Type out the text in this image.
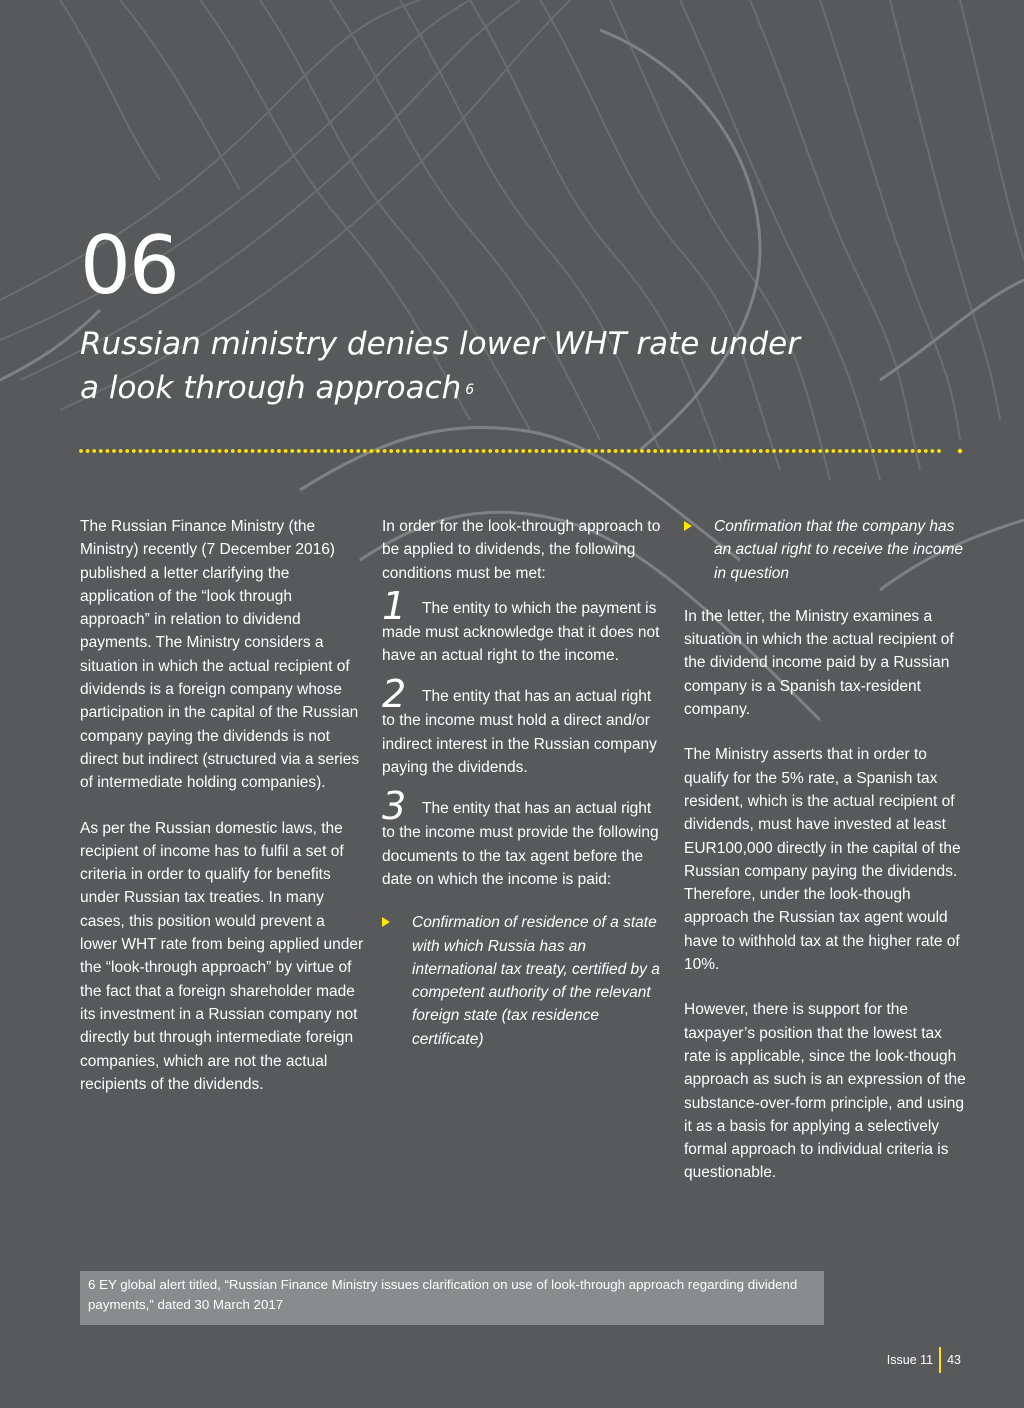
06
Russian ministry denies lower WHT rate under
a look through approach $^6$

The Russian Finance Ministry (the Ministry) recently (7 December 2016) published a letter clarifying the application of the “look through approach” in relation to dividend payments. The Ministry considers a situation in which the actual recipient of dividends is a foreign company whose participation in the capital of the Russian company paying the dividends is not direct but indirect (structured via a series of intermediate holding companies).

As per the Russian domestic laws, the recipient of income has to fulfil a set of criteria in order to qualify for benefits under Russian tax treaties. In many cases, this position would prevent a lower WHT rate from being applied under the “look-through approach” by virtue of the fact that a foreign shareholder made its investment in a Russian company not directly but through intermediate foreign companies, which are not the actual recipients of the dividends.

In order for the look-through approach to be applied to dividends, the following conditions must be met:

1 The entity to which the payment is made must acknowledge that it does not have an actual right to the income.
2 The entity that has an actual right to the income must hold a direct and/or indirect interest in the Russian company paying the dividends.
3 The entity that has an actual right to the income must provide the following documents to the tax agent before the date on which the income is paid:
Confirmation of residence of a state with which Russia has an international tax treaty, certified by a competent authority of the relevant foreign state (tax residence certificate)
Confirmation that the company has an actual right to receive the income in question

In the letter, the Ministry examines a situation in which the actual recipient of the dividend income paid by a Russian company is a Spanish tax-resident company.

The Ministry asserts that in order to qualify for the 5% rate, a Spanish tax resident, which is the actual recipient of dividends, must have invested at least EUR100,000 directly in the capital of the Russian company paying the dividends. Therefore, under the look-though approach the Russian tax agent would have to withhold tax at the higher rate of 10%.

However, there is support for the taxpayer’s position that the lowest tax rate is applicable, since the look-though approach as such is an expression of the substance-over-form principle, and using it as a basis for applying a selectively formal approach to individual criteria is questionable.

6 EY global alert titled, “Russian Finance Ministry issues clarification on use of look-through approach regarding dividend payments,” dated 30 March 2017
Issue 11 43
